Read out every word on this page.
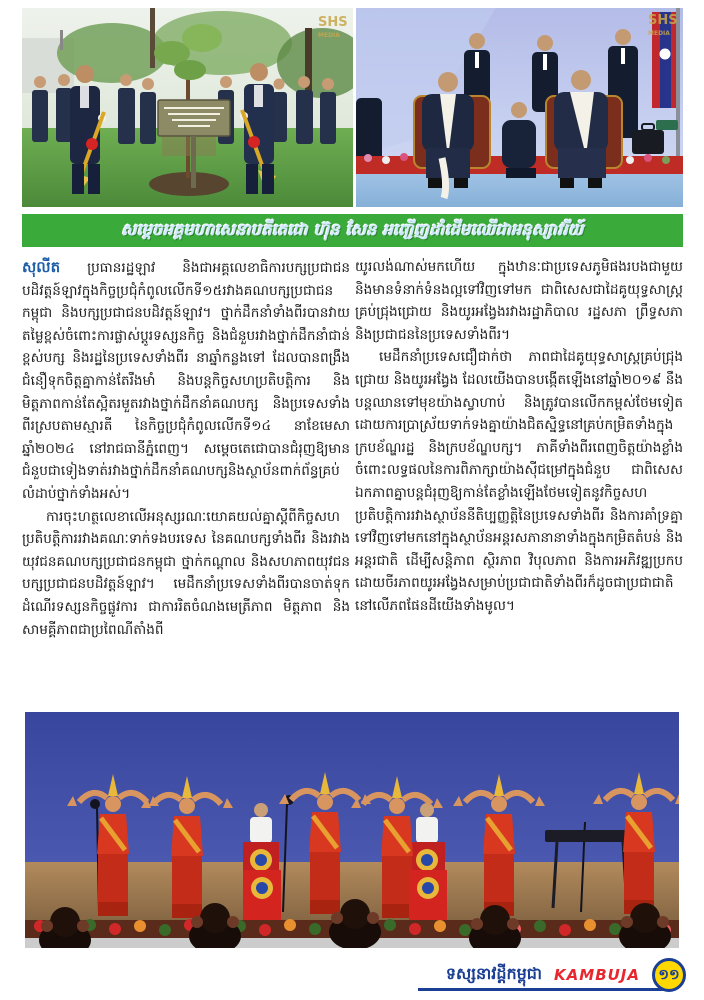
SHS
MEDIA
SHS
MEDIA
សម្តេចអគ្គមហាសេនាបតីតេជោ ហ៊ុន សែន អញ្ជើញដាំដើមឈើជាអនុស្សាវរីយ៍

សុលីត ប្រធានរដ្ឋឡាវ និងជាអគ្គលេខាធិការបក្សប្រជាជនបដិវត្តន៍ឡាវក្នុងកិច្ចប្រជុំកំពូលលើកទី១៥រវាងគណបក្សប្រជាជនកម្ពុជា និងបក្សប្រជាជនបដិវត្តន៍ឡាវ។ ថ្នាក់ដឹកនាំទាំងពីរបានវាយតម្លៃខ្ពស់ចំពោះការផ្លាស់ប្តូរទស្សនកិច្ច និងជំនួបរវាងថ្នាក់ដឹកនាំជាន់ខ្ពស់បក្ស និងរដ្ឋនៃប្រទេសទាំងពីរ នាឆ្នាំកន្លងទៅ ដែលបានពង្រឹងជំនឿទុកចិត្តគ្នាកាន់តែរឹងមាំ និងបន្តកិច្ចសហប្រតិបត្តិការ និងមិត្តភាពកាន់តែស្អិតរមួតរវាងថ្នាក់ដឹកនាំគណបក្ស និងប្រទេសទាំងពីរស្របតាមស្មារតី នៃកិច្ចប្រជុំកំពូលលើកទី១៤ នាខែមេសា ឆ្នាំ២០២៤ នៅរាជធានីភ្នំពេញ។ សម្តេចតេជោបានជំរុញឱ្យមានជំនួបជាទៀងទាត់រវាងថ្នាក់ដឹកនាំគណបក្សនិងស្ថាប័នពាក់ព័ន្ធគ្រប់លំដាប់ថ្នាក់ទាំងអស់។

ការចុះហត្ថលេខាលើអនុស្សរណៈយោគយល់គ្នាស្តីពីកិច្ចសហប្រតិបត្តិការរវាងគណៈទាក់ទងបរទេស នៃគណបក្សទាំងពីរ និងរវាងយុវជនគណបក្សប្រជាជនកម្ពុជា ថ្នាក់កណ្តាល និងសហភាពយុវជនបក្សប្រជាជនបដិវត្តន៍ឡាវ។ មេដឹកនាំប្រទេសទាំងពីរបានចាត់ទុកដំណើរទស្សនកិច្ចផ្លូវការ ជាការរិតចំណងមេត្រីភាព មិត្តភាព និងសាមគ្គីភាពជាប្រពៃណីតាំងពី

យូរលង់ណាស់មកហើយ ក្នុងឋានៈជាប្រទេសភូមិផងរបងជាមួយ និងមានទំនាក់ទំនងល្អទៅវិញទៅមក ជាពិសេសជាដៃគូយុទ្ធសាស្ត្រគ្រប់ជ្រុងជ្រោយ និងយូរអង្វែងរវាងរដ្ឋាភិបាល រដ្ឋសភា ព្រឹទ្ធសភា និងប្រជាជននៃប្រទេសទាំងពីរ។

មេដឹកនាំប្រទេសជឿជាក់ថា ភាពជាដៃគូយុទ្ធសាស្ត្រគ្រប់ជ្រុងជ្រោយ និងយូរអង្វែង ដែលយើងបានបង្កើតឡើងនៅឆ្នាំ២០១៩ នឹងបន្តឈានទៅមុខយ៉ាងស្វាហាប់ និងត្រូវបានលើកកម្ពស់ថែមទៀតដោយការប្រាស្រ័យទាក់ទងគ្នាយ៉ាងជិតស្និទ្ធនៅគ្រប់កម្រិតទាំងក្នុងក្របខ័ណ្ឌរដ្ឋ និងក្របខ័ណ្ឌបក្ស។ ភាគីទាំងពីរពេញចិត្តយ៉ាងខ្លាំង ចំពោះលទ្ធផលនៃការពិភាក្សាយ៉ាងស៊ីជម្រៅក្នុងជំនួប ជាពិសេសឯកភាពគ្នាបន្តជំរុញឱ្យកាន់តែខ្លាំងឡើងថែមទៀតនូវកិច្ចសហប្រតិបត្តិការរវាងស្ថាប័ននីតិប្បញ្ញត្តិនៃប្រទេសទាំងពីរ និងការគាំទ្រគ្នាទៅវិញទៅមកនៅក្នុងស្ថាប័នអន្តរសភានានាទាំងក្នុងកម្រិតតំបន់ និងអន្តរជាតិ ដើម្បីសន្តិភាព ស្ថិរភាព វិបុលភាព និងការអភិវឌ្ឍប្រកបដោយចីរភាពយូរអង្វែងសម្រាប់ប្រជាជាតិទាំងពីរក៏ដូចជាប្រជាជាតិនៅលើភពផែនដីយើងទាំងមូល។

ទស្សនាវដ្តីកម្ពុជា KAMBUJA ១១
